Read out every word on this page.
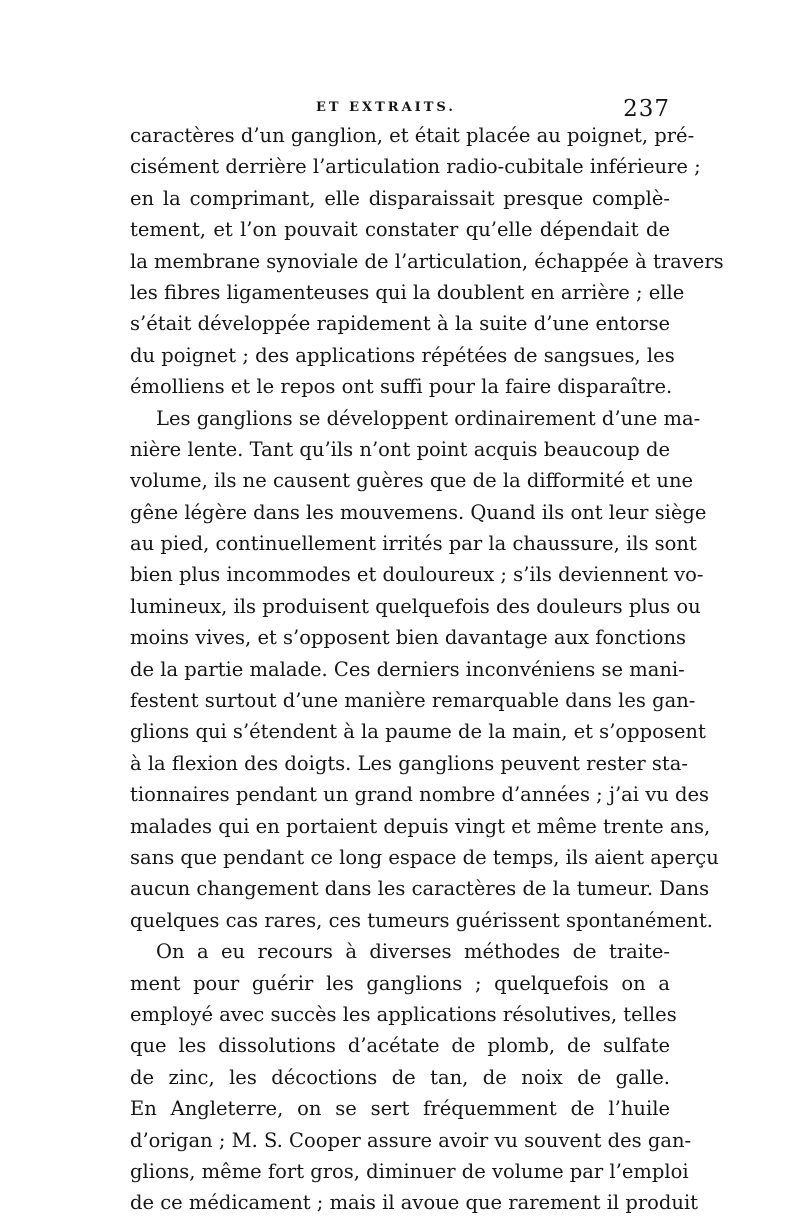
ET EXTRAITS.	237
caractères d’un ganglion, et était placée au poignet, pré-
cisément derrière l’articulation radio-cubitale inférieure ;
en la comprimant, elle disparaissait presque complè-
tement, et l’on pouvait constater qu’elle dépendait de
la membrane synoviale de l’articulation, échappée à travers
les fibres ligamenteuses qui la doublent en arrière ; elle
s’était développée rapidement à la suite d’une entorse
du poignet ; des applications répétées de sangsues, les
émolliens et le repos ont suffi pour la faire disparaître.
Les ganglions se développent ordinairement d’une ma-
nière lente. Tant qu’ils n’ont point acquis beaucoup de
volume, ils ne causent guères que de la difformité et une
gêne légère dans les mouvemens. Quand ils ont leur siège
au pied, continuellement irrités par la chaussure, ils sont
bien plus incommodes et douloureux ; s’ils deviennent vo-
lumineux, ils produisent quelquefois des douleurs plus ou
moins vives, et s’opposent bien davantage aux fonctions
de la partie malade. Ces derniers inconvéniens se mani-
festent surtout d’une manière remarquable dans les gan-
glions qui s’étendent à la paume de la main, et s’opposent
à la flexion des doigts. Les ganglions peuvent rester sta-
tionnaires pendant un grand nombre d’années ; j’ai vu des
malades qui en portaient depuis vingt et même trente ans,
sans que pendant ce long espace de temps, ils aient aperçu
aucun changement dans les caractères de la tumeur. Dans
quelques cas rares, ces tumeurs guérissent spontanément.
On a eu recours à diverses méthodes de traite-
ment pour guérir les ganglions ; quelquefois on a
employé avec succès les applications résolutives, telles
que les dissolutions d’acétate de plomb, de sulfate
de zinc, les décoctions de tan, de noix de galle.
En Angleterre, on se sert fréquemment de l’huile
d’origan ; M. S. Cooper assure avoir vu souvent des gan-
glions, même fort gros, diminuer de volume par l’emploi
de ce médicament ; mais il avoue que rarement il produit
